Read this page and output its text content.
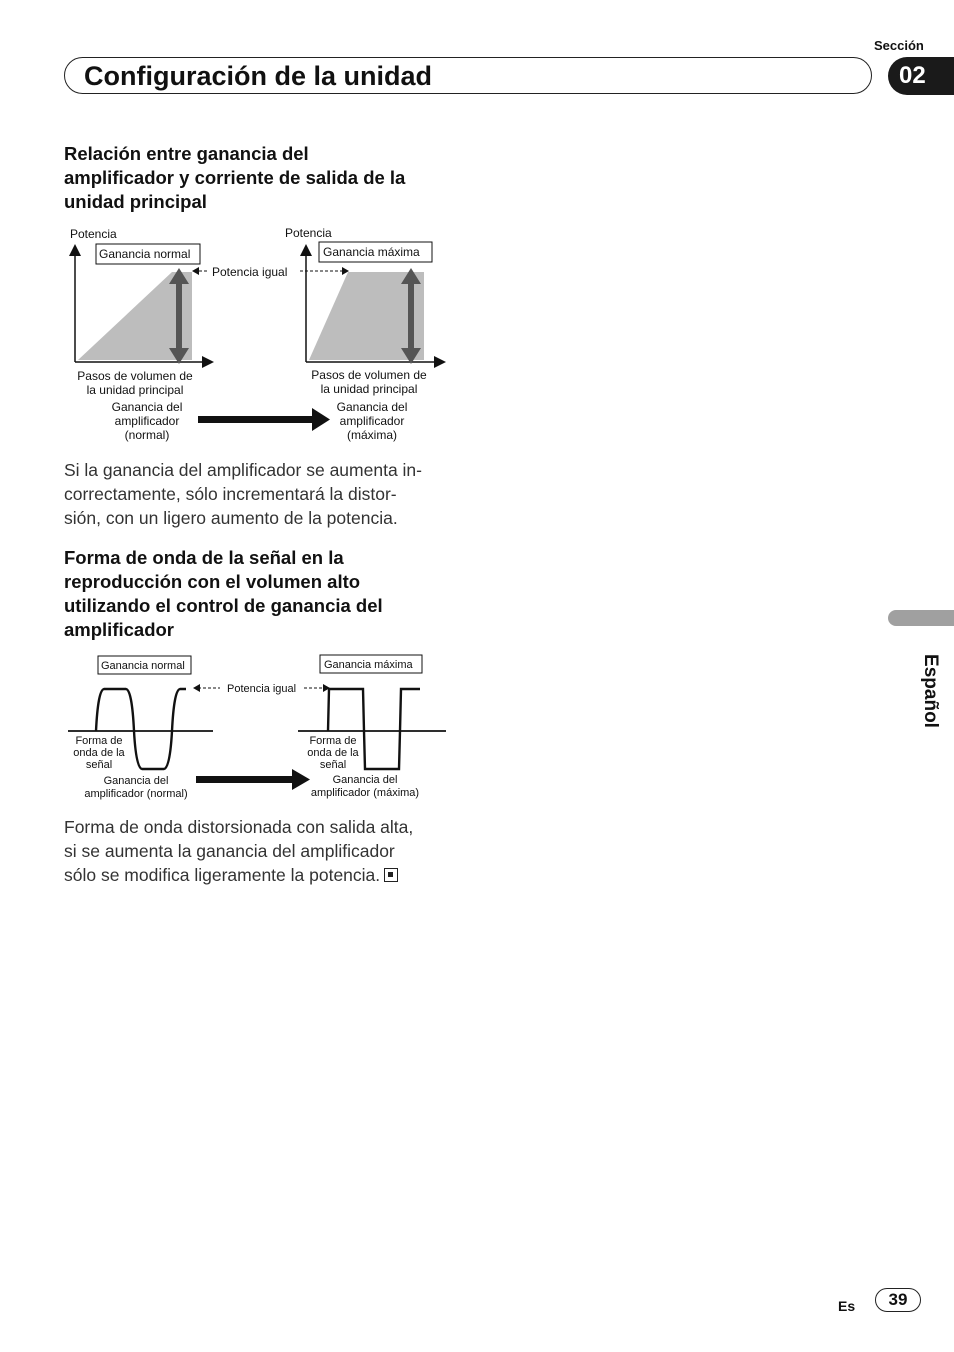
Sección
Configuración de la unidad	02
Relación entre ganancia del
amplificador y corriente de salida de la
unidad principal
Potencia
Ganancia normal
Potencia igual
Potencia
Ganancia máxima
Pasos de volumen de
la unidad principal
Pasos de volumen de
la unidad principal
Ganancia del
amplificador
(normal)
Ganancia del
amplificador
(máxima)
Si la ganancia del amplificador se aumenta in-
correctamente, sólo incrementará la distor-
sión, con un ligero aumento de la potencia.
Forma de onda de la señal en la
reproducción con el volumen alto
utilizando el control de ganancia del
amplificador
Ganancia normal	Ganancia máxima
Potencia igual
Forma de
onda de la
señal
Forma de
onda de la
señal
Ganancia del
amplificador (normal)
Ganancia del
amplificador (máxima)
Forma de onda distorsionada con salida alta,
si se aumenta la ganancia del amplificador
sólo se modifica ligeramente la potencia.
Español
Es	39
